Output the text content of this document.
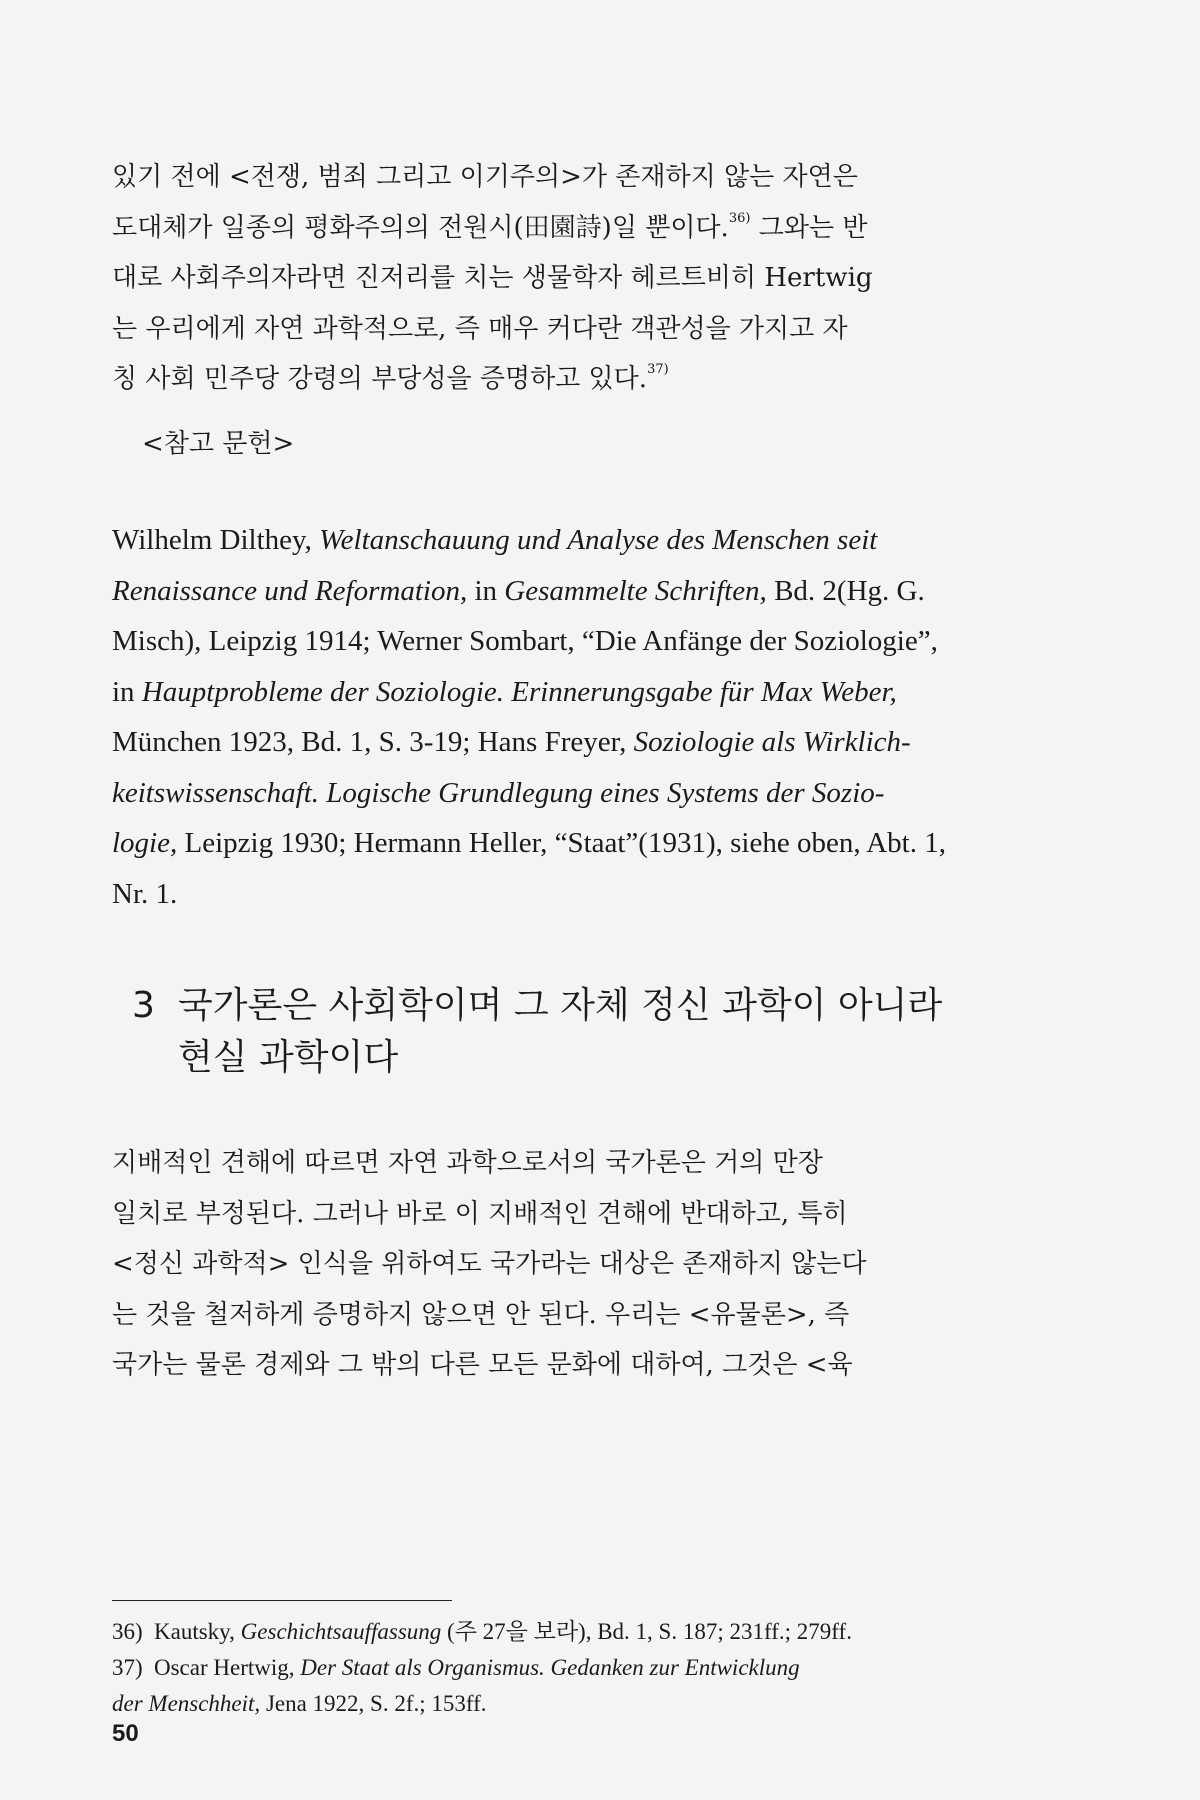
있기 전에 <전쟁, 범죄 그리고 이기주의>가 존재하지 않는 자연은
도대체가 일종의 평화주의의 전원시(田園詩)일 뿐이다.$^{36)}$ 그와는 반
대로 사회주의자라면 진저리를 치는 생물학자 헤르트비히 Hertwig
는 우리에게 자연 과학적으로, 즉 매우 커다란 객관성을 가지고 자
칭 사회 민주당 강령의 부당성을 증명하고 있다.$^{37)}$
<참고 문헌>
Wilhelm Dilthey, Weltanschauung und Analyse des Menschen seit
Renaissance und Reformation, in Gesammelte Schriften, Bd. 2(Hg. G.
Misch), Leipzig 1914; Werner Sombart, “Die Anfänge der Soziologie”,
in Hauptprobleme der Soziologie. Erinnerungsgabe für Max Weber,
München 1923, Bd. 1, S. 3-19; Hans Freyer, Soziologie als Wirklich-
keitswissenschaft. Logische Grundlegung eines Systems der Sozio-
logie, Leipzig 1930; Hermann Heller, “Staat”(1931), siehe oben, Abt. 1,
Nr. 1.
3 국가론은 사회학이며 그 자체 정신 과학이 아니라
현실 과학이다
지배적인 견해에 따르면 자연 과학으로서의 국가론은 거의 만장
일치로 부정된다. 그러나 바로 이 지배적인 견해에 반대하고, 특히
<정신 과학적> 인식을 위하여도 국가라는 대상은 존재하지 않는다
는 것을 철저하게 증명하지 않으면 안 된다. 우리는 <유물론>, 즉
국가는 물론 경제와 그 밖의 다른 모든 문화에 대하여, 그것은 <육
36) Kautsky, Geschichtsauffassung (주 27을 보라), Bd. 1, S. 187; 231ff.; 279ff.
37) Oscar Hertwig, Der Staat als Organismus. Gedanken zur Entwicklung
der Menschheit, Jena 1922, S. 2f.; 153ff.
50
